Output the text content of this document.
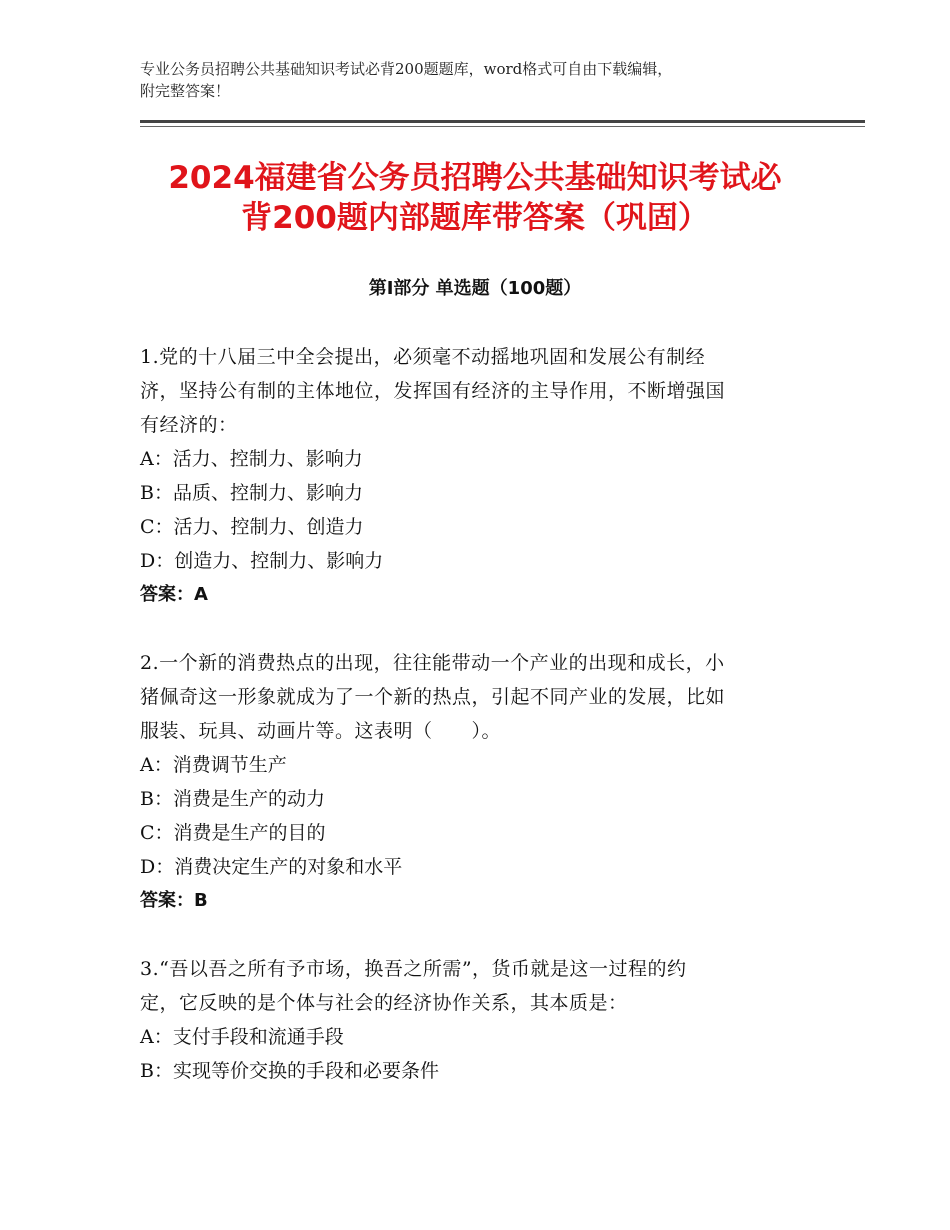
专业公务员招聘公共基础知识考试必背200题题库，word格式可自由下载编辑，
附完整答案！
2024福建省公务员招聘公共基础知识考试必
背200题内部题库带答案（巩固）
第Ⅰ部分 单选题（100题）
1.党的十八届三中全会提出，必须毫不动摇地巩固和发展公有制经
济，坚持公有制的主体地位，发挥国有经济的主导作用，不断增强国
有经济的：
A：活力、控制力、影响力
B：品质、控制力、影响力
C：活力、控制力、创造力
D：创造力、控制力、影响力
答案：A
2.一个新的消费热点的出现，往往能带动一个产业的出现和成长，小
猪佩奇这一形象就成为了一个新的热点，引起不同产业的发展，比如
服装、玩具、动画片等。这表明（　　）。
A：消费调节生产
B：消费是生产的动力
C：消费是生产的目的
D：消费决定生产的对象和水平
答案：B
3.“吾以吾之所有予市场，换吾之所需”，货币就是这一过程的约
定，它反映的是个体与社会的经济协作关系，其本质是：
A：支付手段和流通手段
B：实现等价交换的手段和必要条件
